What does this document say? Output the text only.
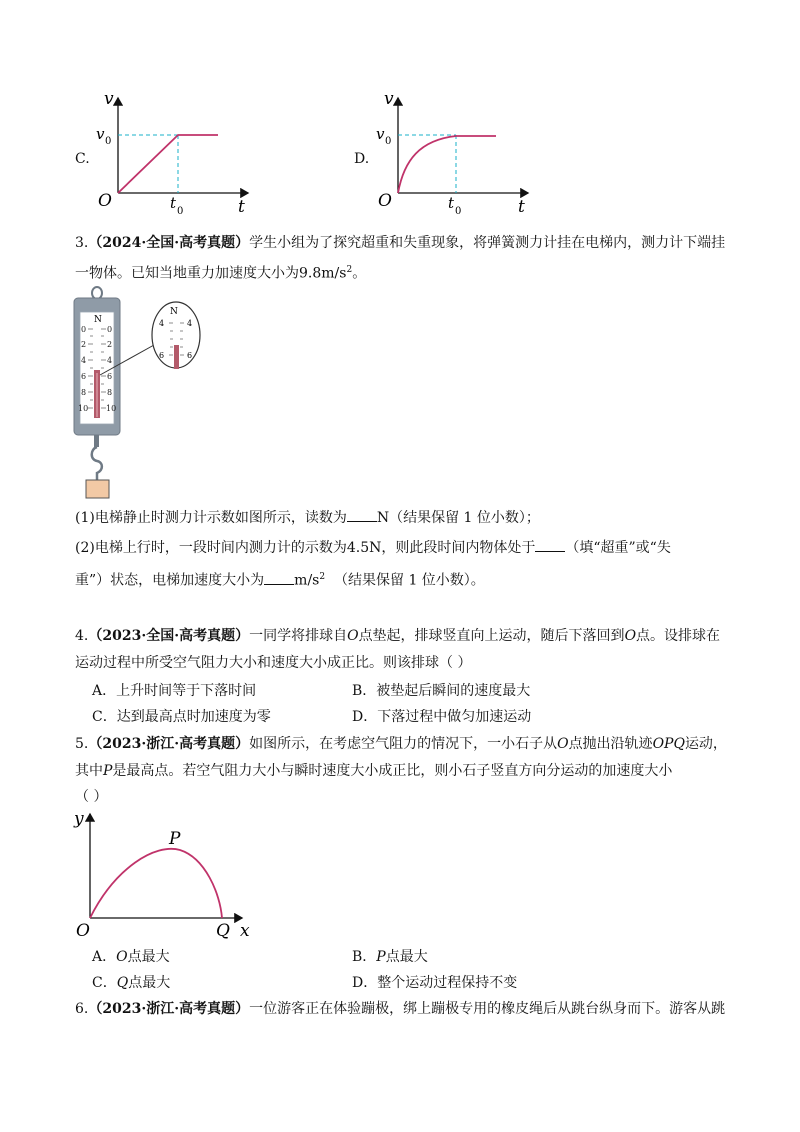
C.
v
t
O
v 0
t 0
D.
v
t
O
v 0
t 0
3.（2024·全国·高考真题）学生小组为了探究超重和失重现象，将弹簧测力计挂在电梯内，测力计下端挂
一物体。已知当地重力加速度大小为$9.8m/s^2$。
N
0
2
4
6
8
10
0
2
4
6
8
10
N
4
6
4
6
(1)电梯静止时测力计示数如图所示，读数为 N（结果保留 1 位小数）；
(2)电梯上行时，一段时间内测力计的示数为4.5N，则此段时间内物体处于 （填“超重”或“失
重”）状态，电梯加速度大小为 $m/s^2$ （结果保留 1 位小数）。
4.（2023·全国·高考真题）一同学将排球自O点垫起，排球竖直向上运动，随后下落回到O点。设排球在
运动过程中所受空气阻力大小和速度大小成正比。则该排球（ ）
A．上升时间等于下落时间	B．被垫起后瞬间的速度最大
C．达到最高点时加速度为零	D．下落过程中做匀加速运动
5.（2023·浙江·高考真题）如图所示，在考虑空气阻力的情况下，一小石子从O点抛出沿轨迹OPQ运动，
其中P是最高点。若空气阻力大小与瞬时速度大小成正比，则小石子竖直方向分运动的加速度大小
（ ）
y
x
O
P
Q
A．O点最大	B．P点最大
C．Q点最大	D．整个运动过程保持不变
6.（2023·浙江·高考真题）一位游客正在体验蹦极，绑上蹦极专用的橡皮绳后从跳台纵身而下。游客从跳
